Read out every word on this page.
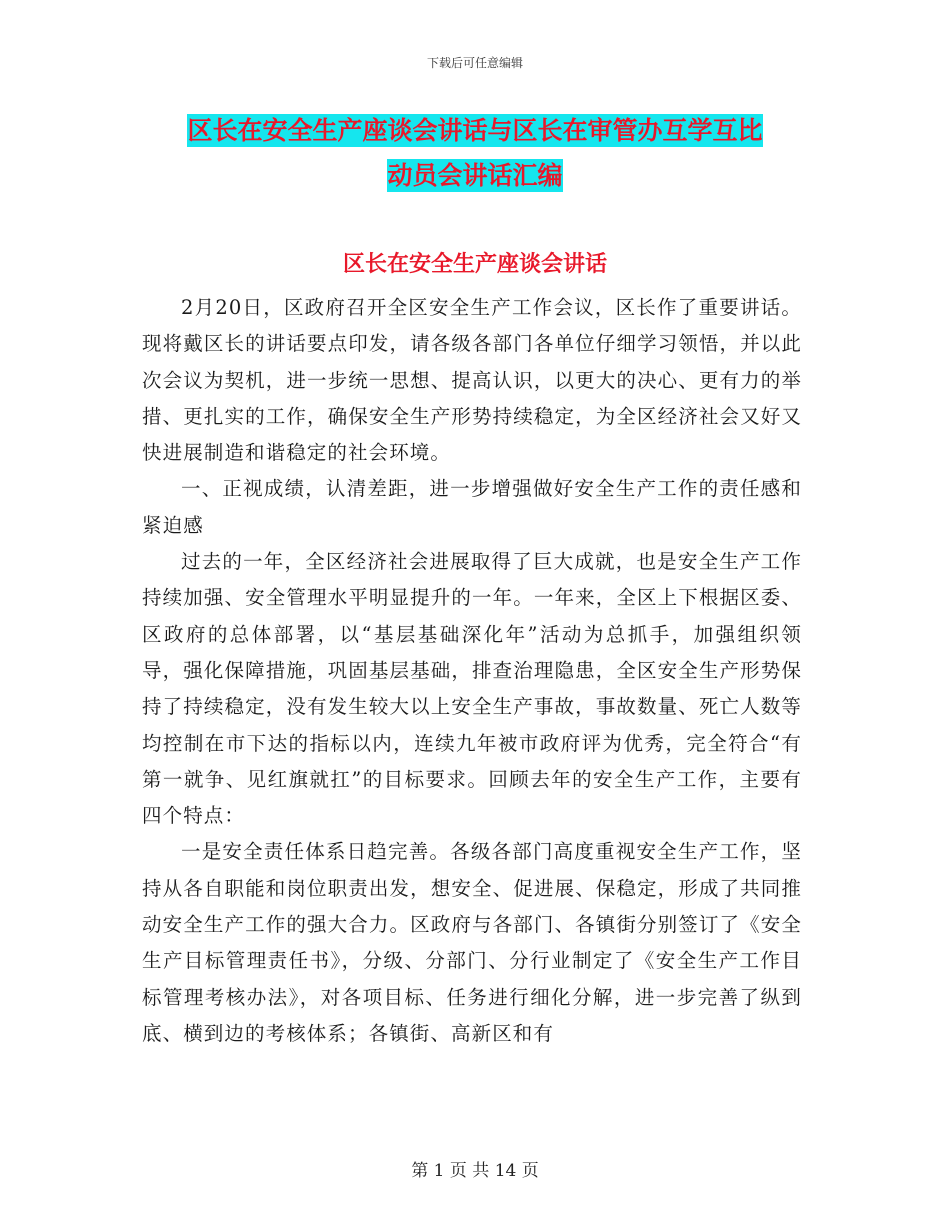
下载后可任意编辑
区长在安全生产座谈会讲话与区长在审管办互学互比
动员会讲话汇编
区长在安全生产座谈会讲话

2月20日，区政府召开全区安全生产工作会议，区长作了重要讲话。现将戴区长的讲话要点印发，请各级各部门各单位仔细学习领悟，并以此次会议为契机，进一步统一思想、提高认识，以更大的决心、更有力的举措、更扎实的工作，确保安全生产形势持续稳定，为全区经济社会又好又快进展制造和谐稳定的社会环境。

一、正视成绩，认清差距，进一步增强做好安全生产工作的责任感和紧迫感

过去的一年，全区经济社会进展取得了巨大成就，也是安全生产工作持续加强、安全管理水平明显提升的一年。一年来，全区上下根据区委、区政府的总体部署，以“基层基础深化年”活动为总抓手，加强组织领导，强化保障措施，巩固基层基础，排查治理隐患，全区安全生产形势保持了持续稳定，没有发生较大以上安全生产事故，事故数量、死亡人数等均控制在市下达的指标以内，连续九年被市政府评为优秀，完全符合“有第一就争、见红旗就扛”的目标要求。回顾去年的安全生产工作，主要有四个特点：

一是安全责任体系日趋完善。各级各部门高度重视安全生产工作，坚持从各自职能和岗位职责出发，想安全、促进展、保稳定，形成了共同推动安全生产工作的强大合力。区政府与各部门、各镇街分别签订了《安全生产目标管理责任书》，分级、分部门、分行业制定了《安全生产工作目标管理考核办法》，对各项目标、任务进行细化分解，进一步完善了纵到底、横到边的考核体系；各镇街、高新区和有

第 1 页 共 14 页
